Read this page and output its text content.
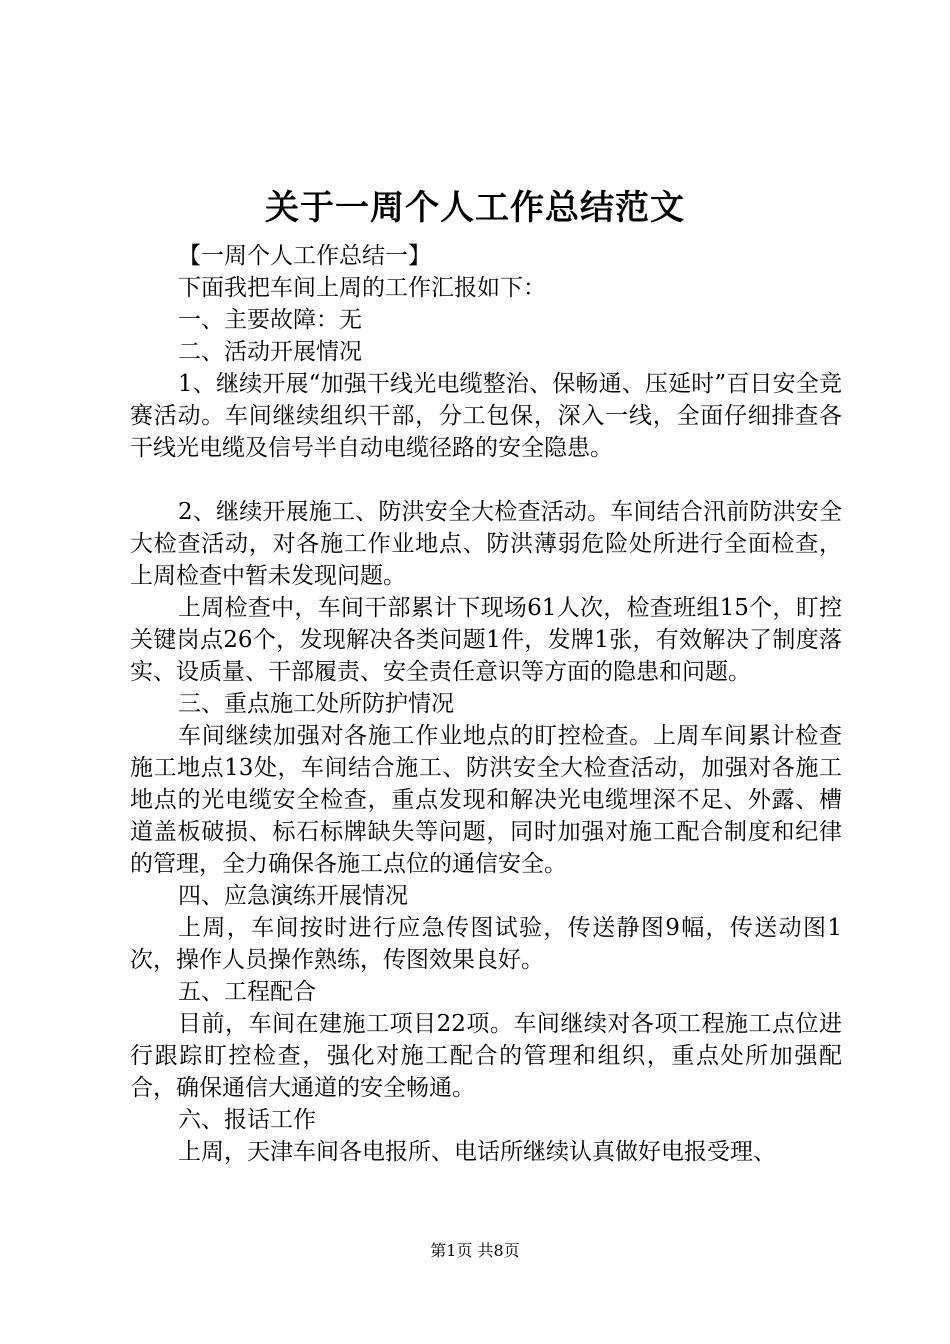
关于一周个人工作总结范文

【一周个人工作总结一】

下面我把车间上周的工作汇报如下：

一、主要故障：无

二、活动开展情况

1、继续开展“加强干线光电缆整治、保畅通、压延时”百日安全竞赛活动。车间继续组织干部，分工包保，深入一线，全面仔细排查各干线光电缆及信号半自动电缆径路的安全隐患。

2、继续开展施工、防洪安全大检查活动。车间结合汛前防洪安全大检查活动，对各施工作业地点、防洪薄弱危险处所进行全面检查，上周检查中暂未发现问题。

上周检查中，车间干部累计下现场61人次，检查班组15个，盯控关键岗点26个，发现解决各类问题1件，发牌1张，有效解决了制度落实、设质量、干部履责、安全责任意识等方面的隐患和问题。

三、重点施工处所防护情况

车间继续加强对各施工作业地点的盯控检查。上周车间累计检查施工地点13处，车间结合施工、防洪安全大检查活动，加强对各施工地点的光电缆安全检查，重点发现和解决光电缆埋深不足、外露、槽道盖板破损、标石标牌缺失等问题，同时加强对施工配合制度和纪律的管理，全力确保各施工点位的通信安全。

四、应急演练开展情况

上周，车间按时进行应急传图试验，传送静图9幅，传送动图1次，操作人员操作熟练，传图效果良好。

五、工程配合

目前，车间在建施工项目22项。车间继续对各项工程施工点位进行跟踪盯控检查，强化对施工配合的管理和组织，重点处所加强配合，确保通信大通道的安全畅通。

六、报话工作

上周，天津车间各电报所、电话所继续认真做好电报受理、

第1页 共8页
